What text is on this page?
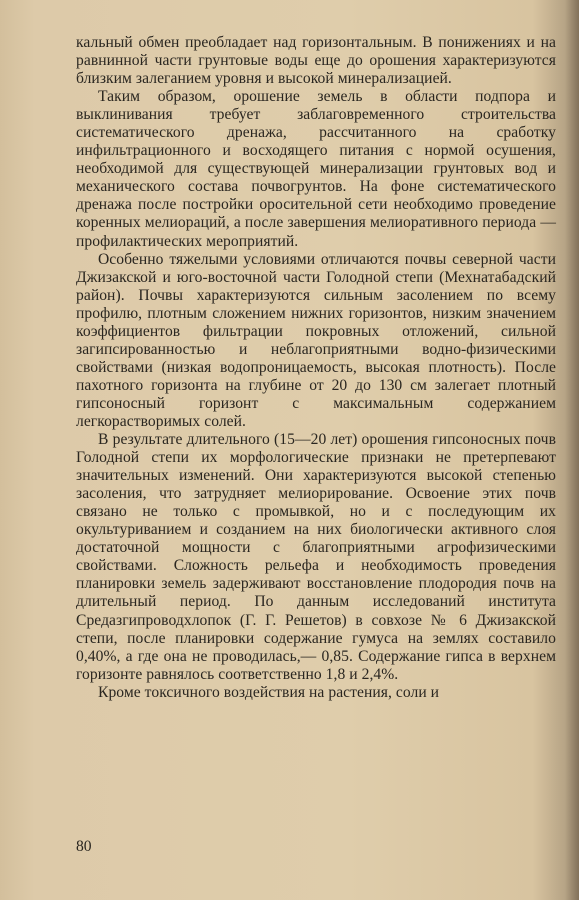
кальный обмен преобладает над горизонтальным. В понижениях и на равнинной части грунтовые воды еще до орошения характеризуются близким залеганием уровня и высокой минерализацией.

Таким образом, орошение земель в области подпора и выклинивания требует заблаговременного строительства систематического дренажа, рассчитанного на сработку инфильтрационного и восходящего питания с нормой осушения, необходимой для существующей минерализации грунтовых вод и механического состава почвогрунтов. На фоне систематического дренажа после постройки оросительной сети необходимо проведение коренных мелиораций, а после завершения мелиоративного периода — профилактических мероприятий.

Особенно тяжелыми условиями отличаются почвы северной части Джизакской и юго-восточной части Голодной степи (Мехнатабадский район). Почвы характеризуются сильным засолением по всему профилю, плотным сложением нижних горизонтов, низким значением коэффициентов фильтрации покровных отложений, сильной загипсированностью и неблагоприятными водно-физическими свойствами (низкая водопроницаемость, высокая плотность). После пахотного горизонта на глубине от 20 до 130 см залегает плотный гипсоносный горизонт с максимальным содержанием легкорастворимых солей.

В результате длительного (15—20 лет) орошения гипсоносных почв Голодной степи их морфологические признаки не претерпевают значительных изменений. Они характеризуются высокой степенью засоления, что затрудняет мелиорирование. Освоение этих почв связано не только с промывкой, но и с последующим их окультуриванием и созданием на них биологически активного слоя достаточной мощности с благоприятными агрофизическими свойствами. Сложность рельефа и необходимость проведения планировки земель задерживают восстановление плодородия почв на длительный период. По данным исследований института Средазгипроводхлопок (Г. Г. Решетов) в совхозе № 6 Джизакской степи, после планировки содержание гумуса на землях составило 0,40%, а где она не проводилась,— 0,85. Содержание гипса в верхнем горизонте равнялось соответственно 1,8 и 2,4%.

Кроме токсичного воздействия на растения, соли и

80
